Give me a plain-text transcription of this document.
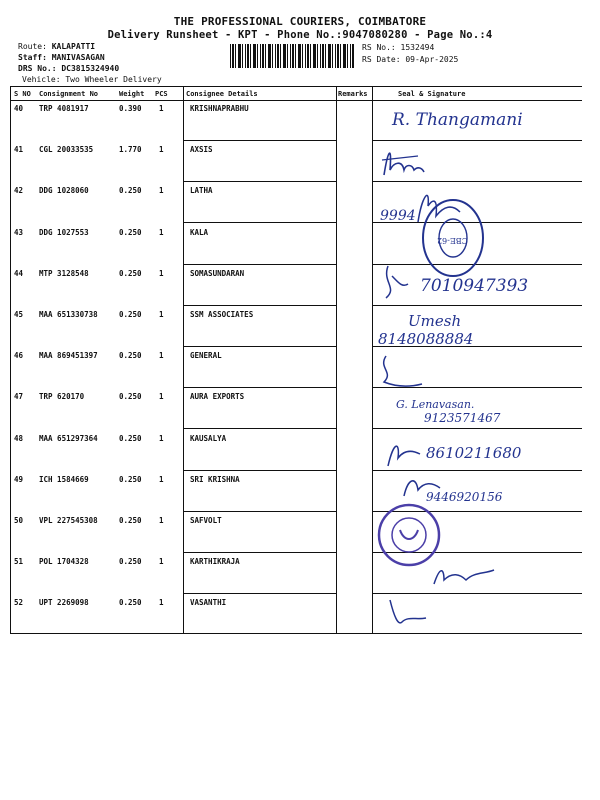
THE PROFESSIONAL COURIERS, COIMBATORE
Delivery Runsheet - KPT - Phone No.:9047080280 - Page No.:4
Route: KALAPATTI
Staff: MANIVASAGAN
DRS No.: DC3815324940
Vehicle: Two Wheeler Delivery
RS No.: 1532494
RS Date: 09-Apr-2025
S NO Consignment No	Weight PCS	Consignee Details	Remarks	Seal & Signature
40 TRP 4081917	0.390 1	KRISHNAPRABHU
41 CGL 20033535	1.770 1	AXSIS
42 DDG 1028060	0.250 1	LATHA
43 DDG 1027553	0.250 1	KALA
44 MTP 3128548	0.250 1	SOMASUNDARAN
45 MAA 651330738	0.250 1	SSM ASSOCIATES
46 MAA 869451397	0.250 1	GENERAL
47 TRP 620170	0.250 1	AURA EXPORTS
48 MAA 651297364	0.250 1	KAUSALYA
49 ICH 1584669	0.250 1	SRI KRISHNA
50 VPL 227545308	0.250 1	SAFVOLT
51 POL 1704328	0.250 1	KARTHIKRAJA
52 UPT 2269098	0.250 1	VASANTHI
R. Thangamani
9994
CBE-62
7010947393
Umesh
8148088884
G. Lenavasan.
9123571467
8610211680
9446920156
